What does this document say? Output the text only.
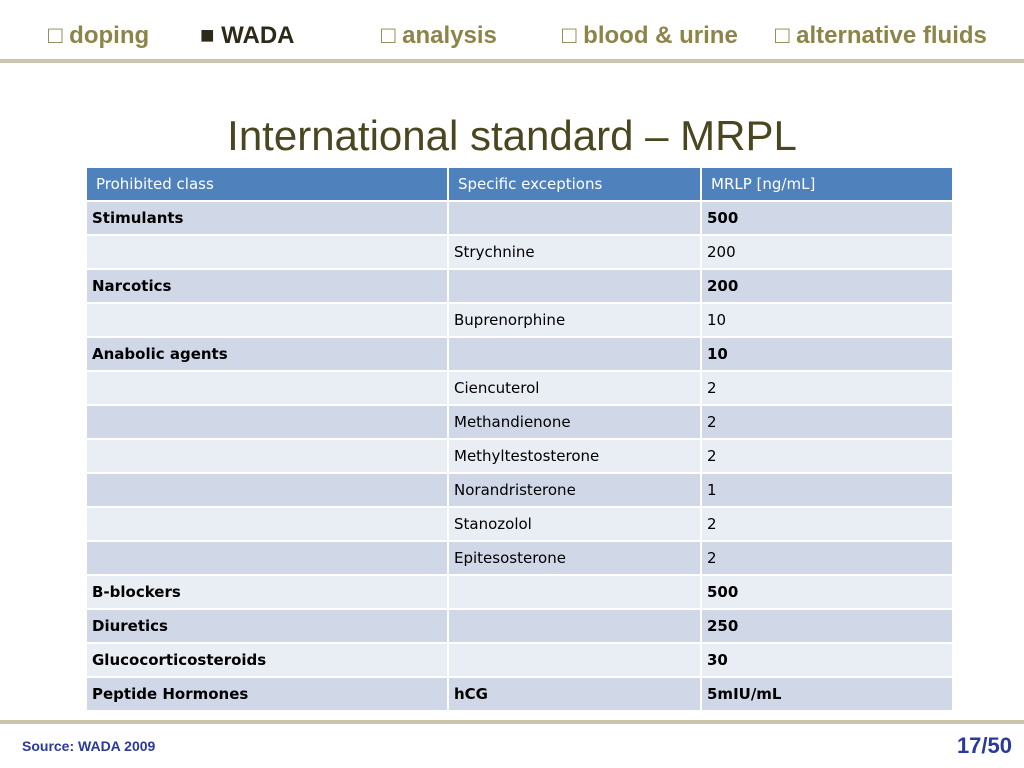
□ doping ■ WADA	□ analysis	□ blood & urine □ alternative fluids
International standard – MRPL
Prohibited class	Specific exceptions	MRLP [ng/mL]
Stimulants		500
	Strychnine	200
Narcotics		200
	Buprenorphine	10
Anabolic agents		10
	Ciencuterol	2
	Methandienone	2
	Methyltestosterone	2
	Norandristerone	1
	Stanozolol	2
	Epitesosterone	2
B-blockers		500
Diuretics		250
Glucocorticosteroids		30
Peptide Hormones	hCG	5mIU/mL
Source: WADA 2009	17/50
